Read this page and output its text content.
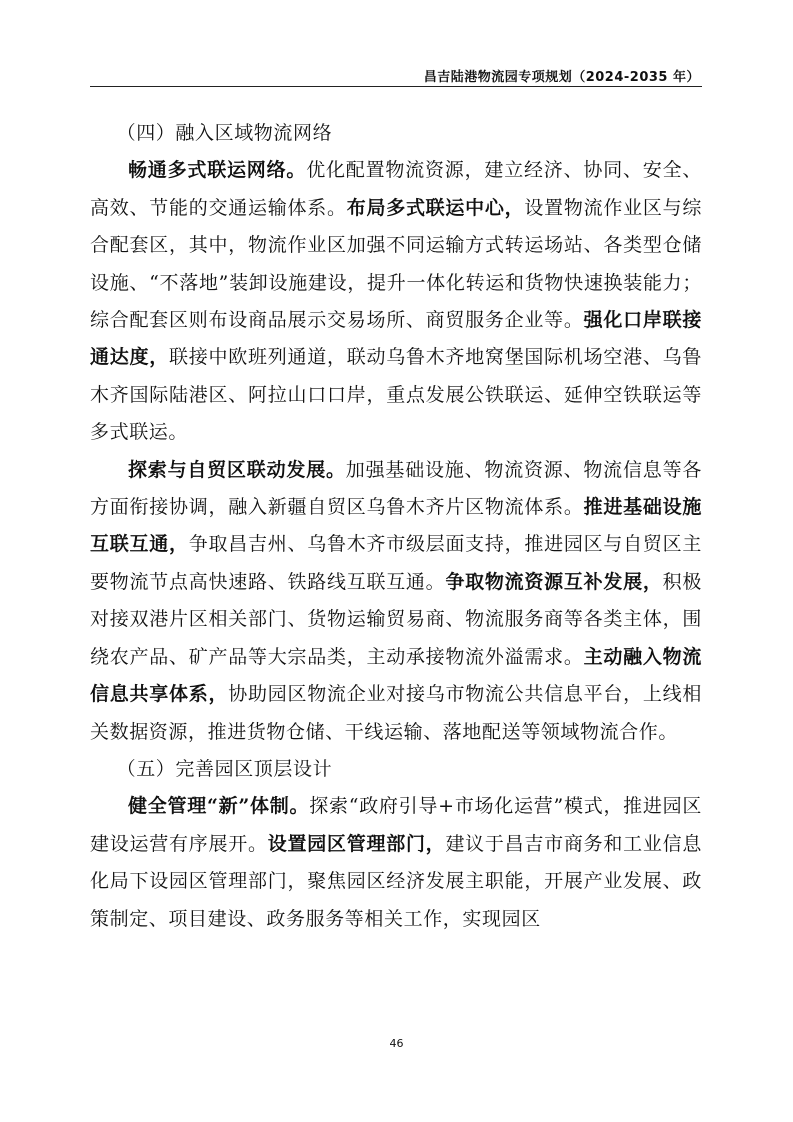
昌吉陆港物流园专项规划（2024-2035 年）

（四）融入区域物流网络

畅通多式联运网络。优化配置物流资源，建立经济、协同、安全、高效、节能的交通运输体系。布局多式联运中心，设置物流作业区与综合配套区，其中，物流作业区加强不同运输方式转运场站、各类型仓储设施、“不落地”装卸设施建设，提升一体化转运和货物快速换装能力；综合配套区则布设商品展示交易场所、商贸服务企业等。强化口岸联接通达度，联接中欧班列通道，联动乌鲁木齐地窝堡国际机场空港、乌鲁木齐国际陆港区、阿拉山口口岸，重点发展公铁联运、延伸空铁联运等多式联运。

探索与自贸区联动发展。加强基础设施、物流资源、物流信息等各方面衔接协调，融入新疆自贸区乌鲁木齐片区物流体系。推进基础设施互联互通，争取昌吉州、乌鲁木齐市级层面支持，推进园区与自贸区主要物流节点高快速路、铁路线互联互通。争取物流资源互补发展，积极对接双港片区相关部门、货物运输贸易商、物流服务商等各类主体，围绕农产品、矿产品等大宗品类，主动承接物流外溢需求。主动融入物流信息共享体系，协助园区物流企业对接乌市物流公共信息平台，上线相关数据资源，推进货物仓储、干线运输、落地配送等领域物流合作。

（五）完善园区顶层设计

健全管理“新”体制。探索“政府引导+市场化运营”模式，推进园区建设运营有序展开。设置园区管理部门，建议于昌吉市商务和工业信息化局下设园区管理部门，聚焦园区经济发展主职能，开展产业发展、政策制定、项目建设、政务服务等相关工作，实现园区

46
